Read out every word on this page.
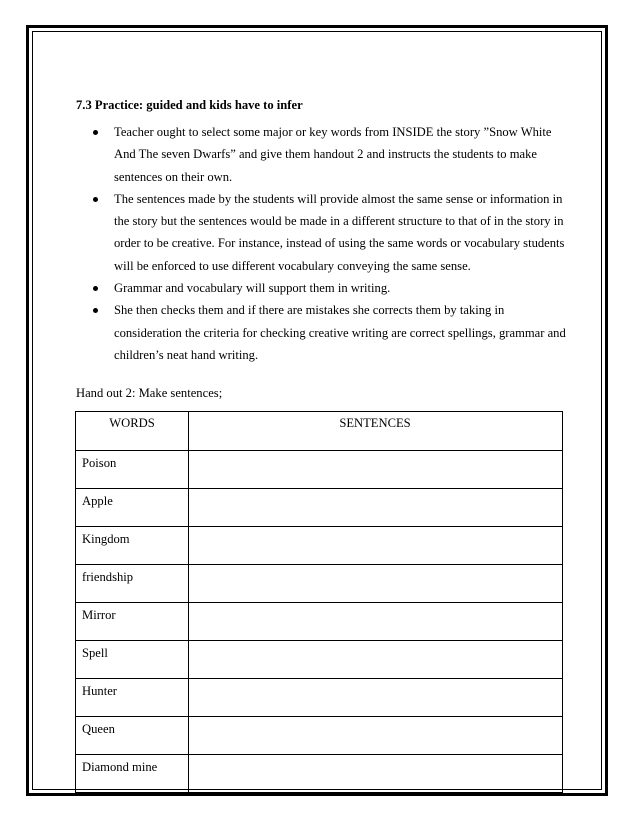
7.3 Practice: guided and kids have to infer
Teacher ought to select some major or key words from INSIDE the story ”Snow White And The seven Dwarfs” and give them handout 2 and instructs the students to make sentences on their own.
The sentences made by the students will provide almost the same sense or information in the story but the sentences would be made in a different structure to that of in the story in order to be creative. For instance, instead of using the same words or vocabulary students will be enforced to use different vocabulary conveying the same sense.
Grammar and vocabulary will support them in writing.
She then checks them and if there are mistakes she corrects them by taking in consideration the criteria for checking creative writing are correct spellings, grammar and children’s neat hand writing.
Hand out 2: Make sentences;
WORDS	SENTENCES
Poison	
Apple	
Kingdom	
friendship	
Mirror	
Spell	
Hunter	
Queen	
Diamond mine	
